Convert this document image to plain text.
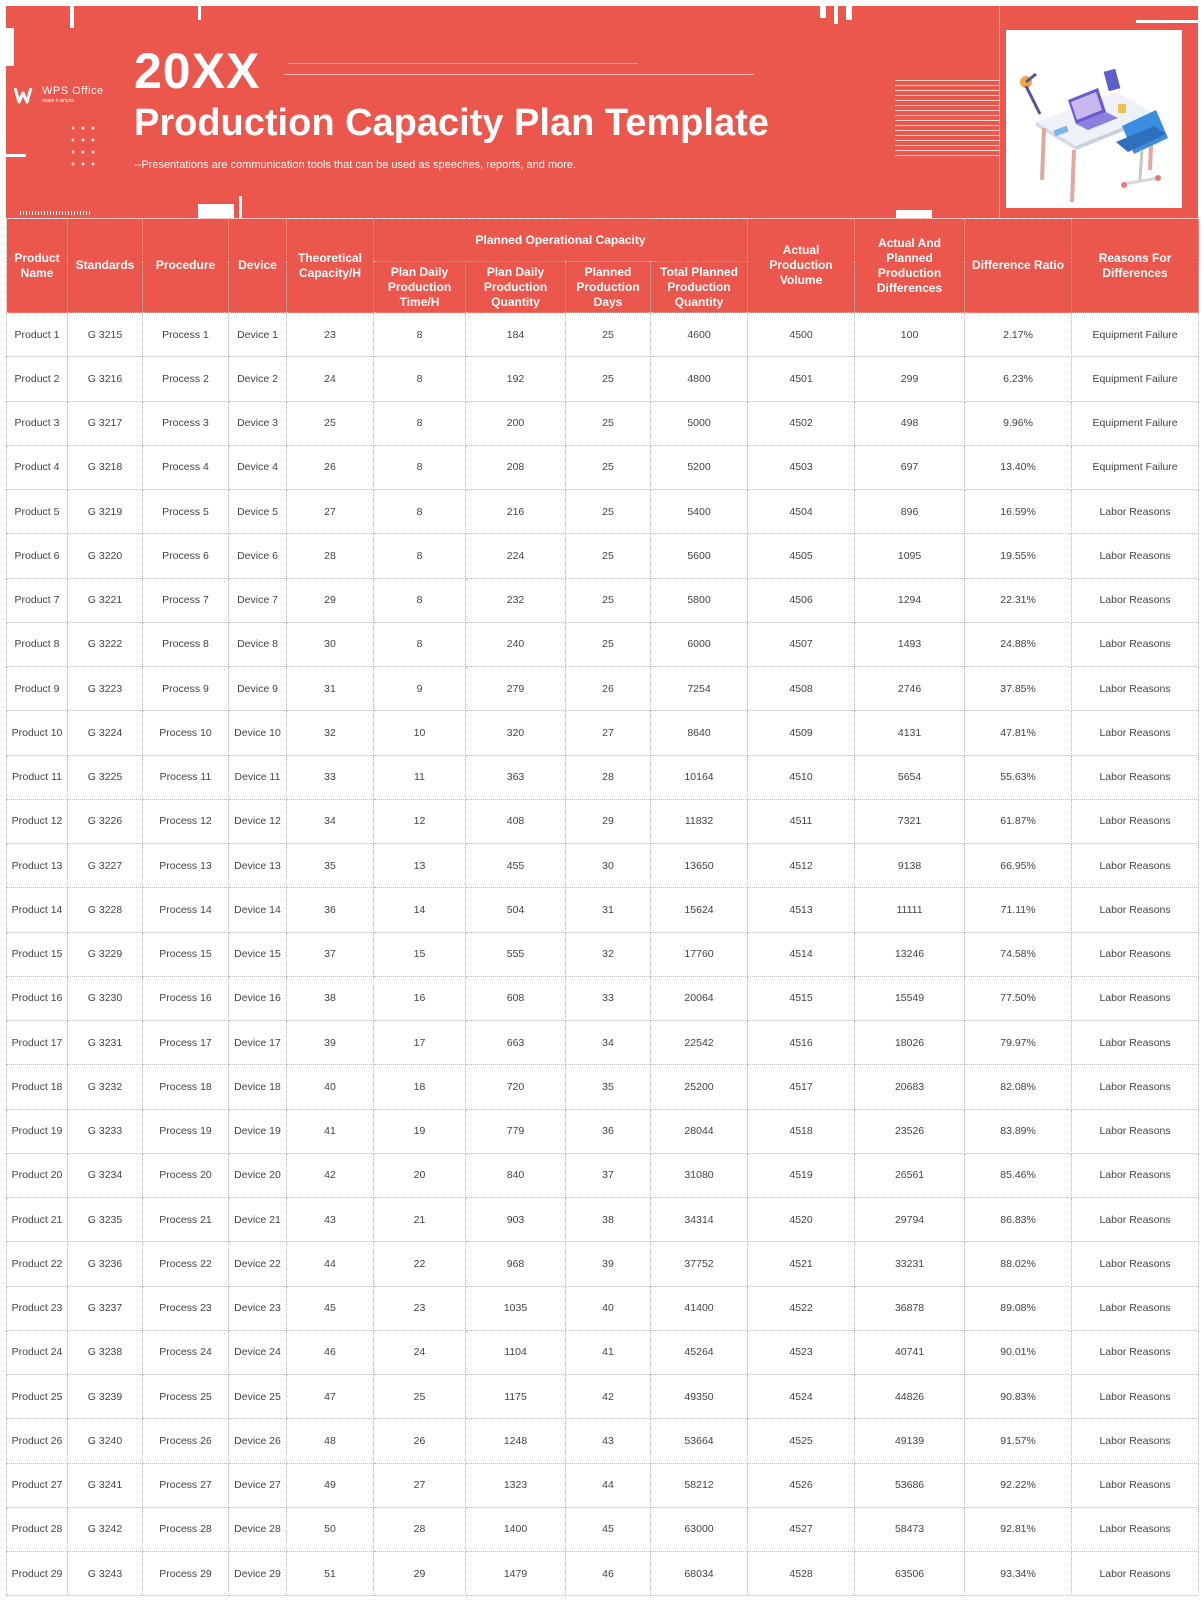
WPS Office
make it simple
20XX
Production Capacity Plan Template
--Presentations are communication tools that can be used as speeches, reports, and more.
Product Name	Standards	Procedure	Device	Theoretical Capacity/H	Planned Operational Capacity				Actual Production Volume	Actual And Planned Production Differences	Difference Ratio	Reasons For Differences
					Plan Daily Production Time/H	Plan Daily Production Quantity	Planned Production Days	Total Planned Production Quantity				
Product 1	G 3215	Process 1	Device 1	23	8	184	25	4600	4500	100	2.17%	Equipment Failure
Product 2	G 3216	Process 2	Device 2	24	8	192	25	4800	4501	299	6.23%	Equipment Failure
Product 3	G 3217	Process 3	Device 3	25	8	200	25	5000	4502	498	9.96%	Equipment Failure
Product 4	G 3218	Process 4	Device 4	26	8	208	25	5200	4503	697	13.40%	Equipment Failure
Product 5	G 3219	Process 5	Device 5	27	8	216	25	5400	4504	896	16.59%	Labor Reasons
Product 6	G 3220	Process 6	Device 6	28	8	224	25	5600	4505	1095	19.55%	Labor Reasons
Product 7	G 3221	Process 7	Device 7	29	8	232	25	5800	4506	1294	22.31%	Labor Reasons
Product 8	G 3222	Process 8	Device 8	30	8	240	25	6000	4507	1493	24.88%	Labor Reasons
Product 9	G 3223	Process 9	Device 9	31	9	279	26	7254	4508	2746	37.85%	Labor Reasons
Product 10	G 3224	Process 10	Device 10	32	10	320	27	8640	4509	4131	47.81%	Labor Reasons
Product 11	G 3225	Process 11	Device 11	33	11	363	28	10164	4510	5654	55.63%	Labor Reasons
Product 12	G 3226	Process 12	Device 12	34	12	408	29	11832	4511	7321	61.87%	Labor Reasons
Product 13	G 3227	Process 13	Device 13	35	13	455	30	13650	4512	9138	66.95%	Labor Reasons
Product 14	G 3228	Process 14	Device 14	36	14	504	31	15624	4513	11111	71.11%	Labor Reasons
Product 15	G 3229	Process 15	Device 15	37	15	555	32	17760	4514	13246	74.58%	Labor Reasons
Product 16	G 3230	Process 16	Device 16	38	16	608	33	20064	4515	15549	77.50%	Labor Reasons
Product 17	G 3231	Process 17	Device 17	39	17	663	34	22542	4516	18026	79.97%	Labor Reasons
Product 18	G 3232	Process 18	Device 18	40	18	720	35	25200	4517	20683	82.08%	Labor Reasons
Product 19	G 3233	Process 19	Device 19	41	19	779	36	28044	4518	23526	83.89%	Labor Reasons
Product 20	G 3234	Process 20	Device 20	42	20	840	37	31080	4519	26561	85.46%	Labor Reasons
Product 21	G 3235	Process 21	Device 21	43	21	903	38	34314	4520	29794	86.83%	Labor Reasons
Product 22	G 3236	Process 22	Device 22	44	22	968	39	37752	4521	33231	88.02%	Labor Reasons
Product 23	G 3237	Process 23	Device 23	45	23	1035	40	41400	4522	36878	89.08%	Labor Reasons
Product 24	G 3238	Process 24	Device 24	46	24	1104	41	45264	4523	40741	90.01%	Labor Reasons
Product 25	G 3239	Process 25	Device 25	47	25	1175	42	49350	4524	44826	90.83%	Labor Reasons
Product 26	G 3240	Process 26	Device 26	48	26	1248	43	53664	4525	49139	91.57%	Labor Reasons
Product 27	G 3241	Process 27	Device 27	49	27	1323	44	58212	4526	53686	92.22%	Labor Reasons
Product 28	G 3242	Process 28	Device 28	50	28	1400	45	63000	4527	58473	92.81%	Labor Reasons
Product 29	G 3243	Process 29	Device 29	51	29	1479	46	68034	4528	63506	93.34%	Labor Reasons
